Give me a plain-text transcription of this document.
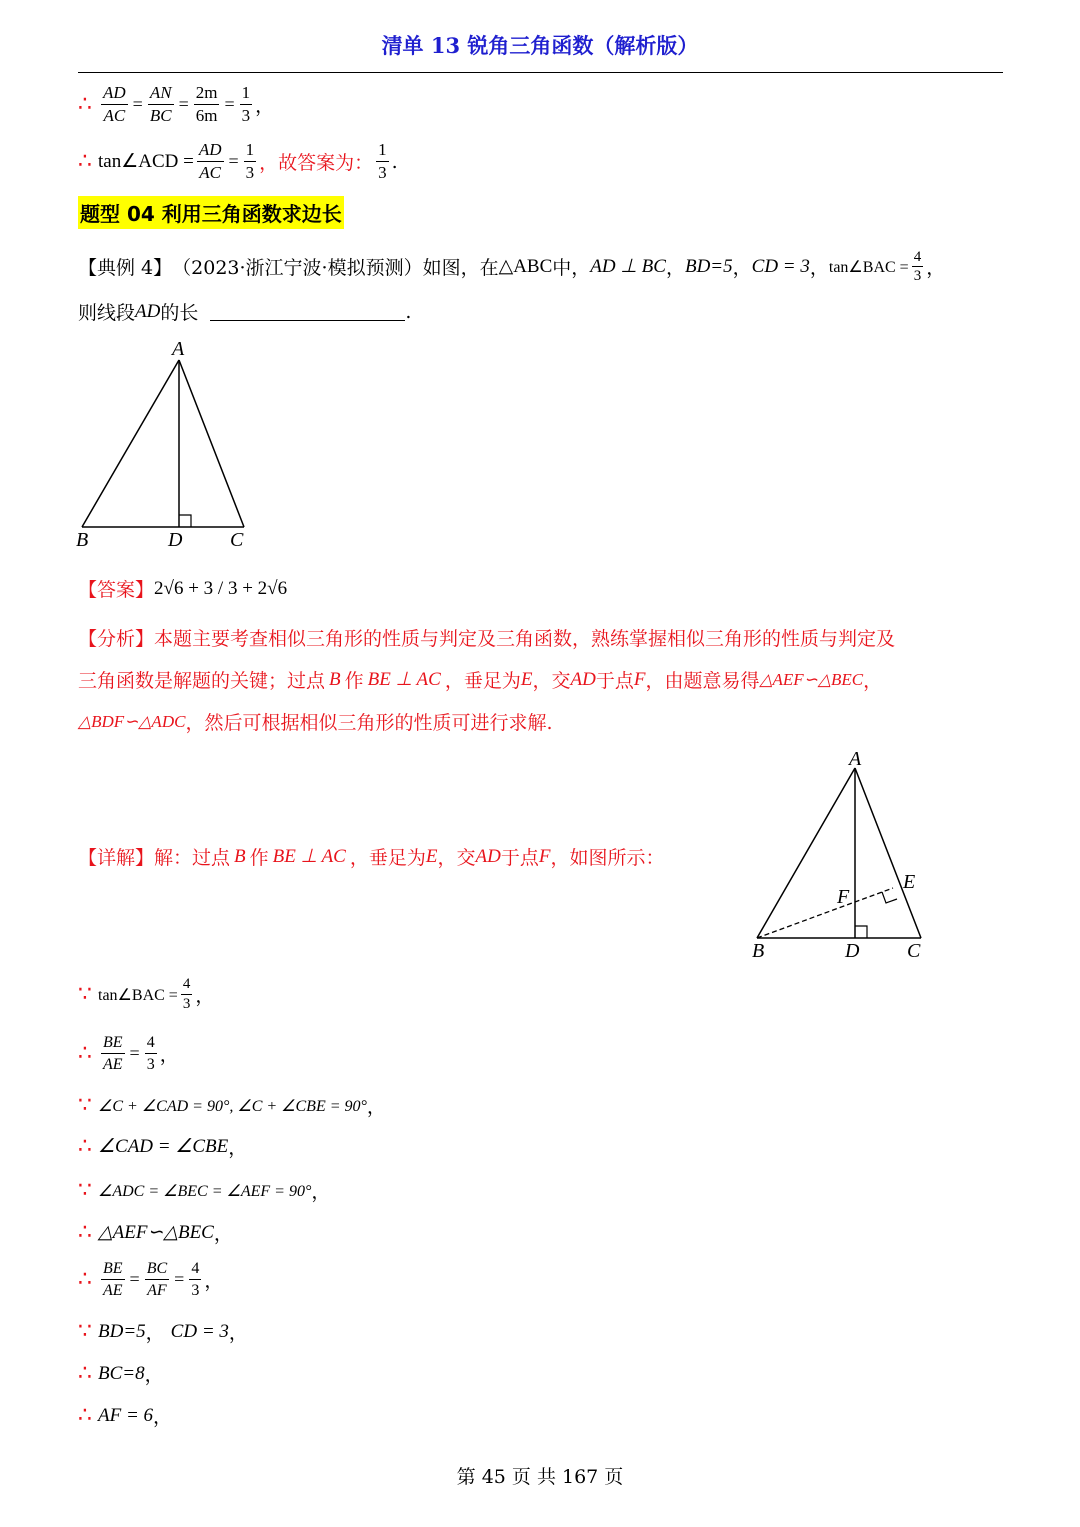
清单 13 锐角三角函数（解析版）
∴ $\frac{AD}{AC} = \frac{AN}{BC} = \frac{2m}{6m} = \frac{1}{3}$ ，
∴ tan∠ACD = $\frac{AD}{AC} = \frac{1}{3}$ ，故答案为： $\frac{1}{3}$ .
题型 04 利用三角函数求边长
【典例 4】 （2023·浙江宁波·模拟预测）如图，在 △ABC 中， AD ⊥ BC ， BD=5 ， CD = 3 ， tan∠BAC = $\frac{4}{3}$ ，
则线段 AD 的长	.
A
B	D C
【答案】 2√6 + 3 / 3 + 2√6
【分析】 本题主要考查相似三角形的性质与判定及三角函数，熟练掌握相似三角形的性质与判定及
三角函数是解题的关键；过点 B 作 BE ⊥ AC ，垂足为 E ，交 AD 于点 F ，由题意易得 △AEF∽△BEC ，
△BDF∽△ADC ，然后可根据相似三角形的性质可进行求解.
【详解】 解：过点 B 作 BE ⊥ AC ，垂足为 E ，交 AD 于点 F ，如图所示：
A
F
E
B	D C
∵ tan∠BAC = $\frac{4}{3}$ ，
∴ $\frac{BE}{AE} = \frac{4}{3}$ ，
∵ ∠C + ∠CAD = 90°, ∠C + ∠CBE = 90° ，
∴ ∠CAD = ∠CBE ，
∵ ∠ADC = ∠BEC = ∠AEF = 90° ，
∴ △AEF∽△BEC ，
∴ $\frac{BE}{AE} = \frac{BC}{AF} = \frac{4}{3}$ ，
∵ BD=5 ， CD = 3 ，
∴ BC=8 ，
∴ AF = 6 ，
第 45 页 共 167 页
